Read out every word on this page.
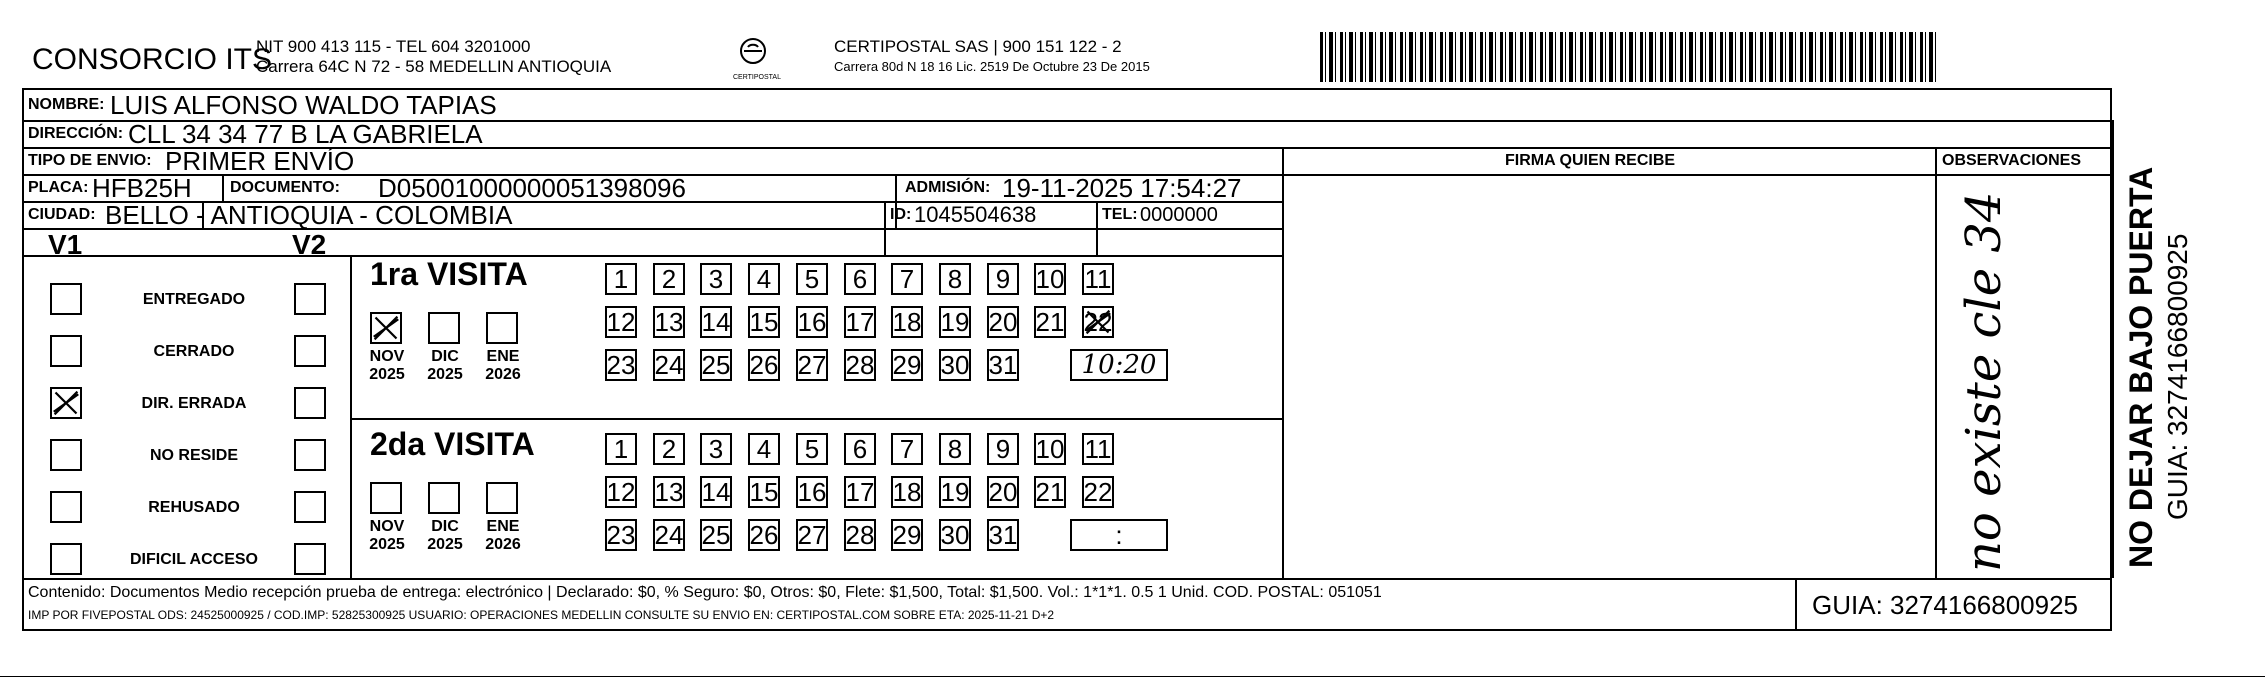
CONSORCIO ITS
NIT 900 413 115 - TEL 604 3201000
Carrera 64C N 72 - 58 MEDELLIN ANTIOQUIA
CERTIPOSTAL
CERTIPOSTAL SAS | 900 151 122 - 2
Carrera 80d N 18 16 Lic. 2519 De Octubre 23 De 2015
NOMBRE: LUIS ALFONSO WALDO TAPIAS
DIRECCIÓN: CLL 34 34 77 B LA GABRIELA
TIPO DE ENVIO: PRIMER ENVÍO	FIRMA QUIEN RECIBE	OBSERVACIONES
PLACA: HFB25H DOCUMENTO: D05001000000051398096	ADMISIÓN: 19-11-2025 17:54:27
CIUDAD: BELLO - ANTIOQUIA - COLOMBIA	ID: 1045504638	TEL: 0000000
V1	V2
ENTREGADO
CERRADO
DIR. ERRADA
NO RESIDE
REHUSADO
DIFICIL ACCESO
1ra VISITA
NOV
2025
DIC
2025
ENE
2026
1 2 3 4 5 6 7 8 9 10 11
12 13 14 15 16 17 18 19 20 21 22
23 24 25 26 27 28 29 30 31 10:20
2da VISITA
NOV
2025
DIC
2025
ENE
2026
1 2 3 4 5 6 7 8 9 10 11
12 13 14 15 16 17 18 19 20 21 22
23 24 25 26 27 28 29 30 31	:	no existe cle 34
Contenido: Documentos Medio recepción prueba de entrega: electrónico | Declarado: $0, % Seguro: $0, Otros: $0, Flete: $1,500, Total: $1,500. Vol.: 1*1*1. 0.5 1 Unid. COD. POSTAL: 051051
IMP POR FIVEPOSTAL ODS: 24525000925 / COD.IMP: 52825300925 USUARIO: OPERACIONES MEDELLIN CONSULTE SU ENVIO EN: CERTIPOSTAL.COM SOBRE ETA: 2025-11-21 D+2	GUIA: 3274166800925
NO DEJAR BAJO PUERTA GUIA: 3274166800925
